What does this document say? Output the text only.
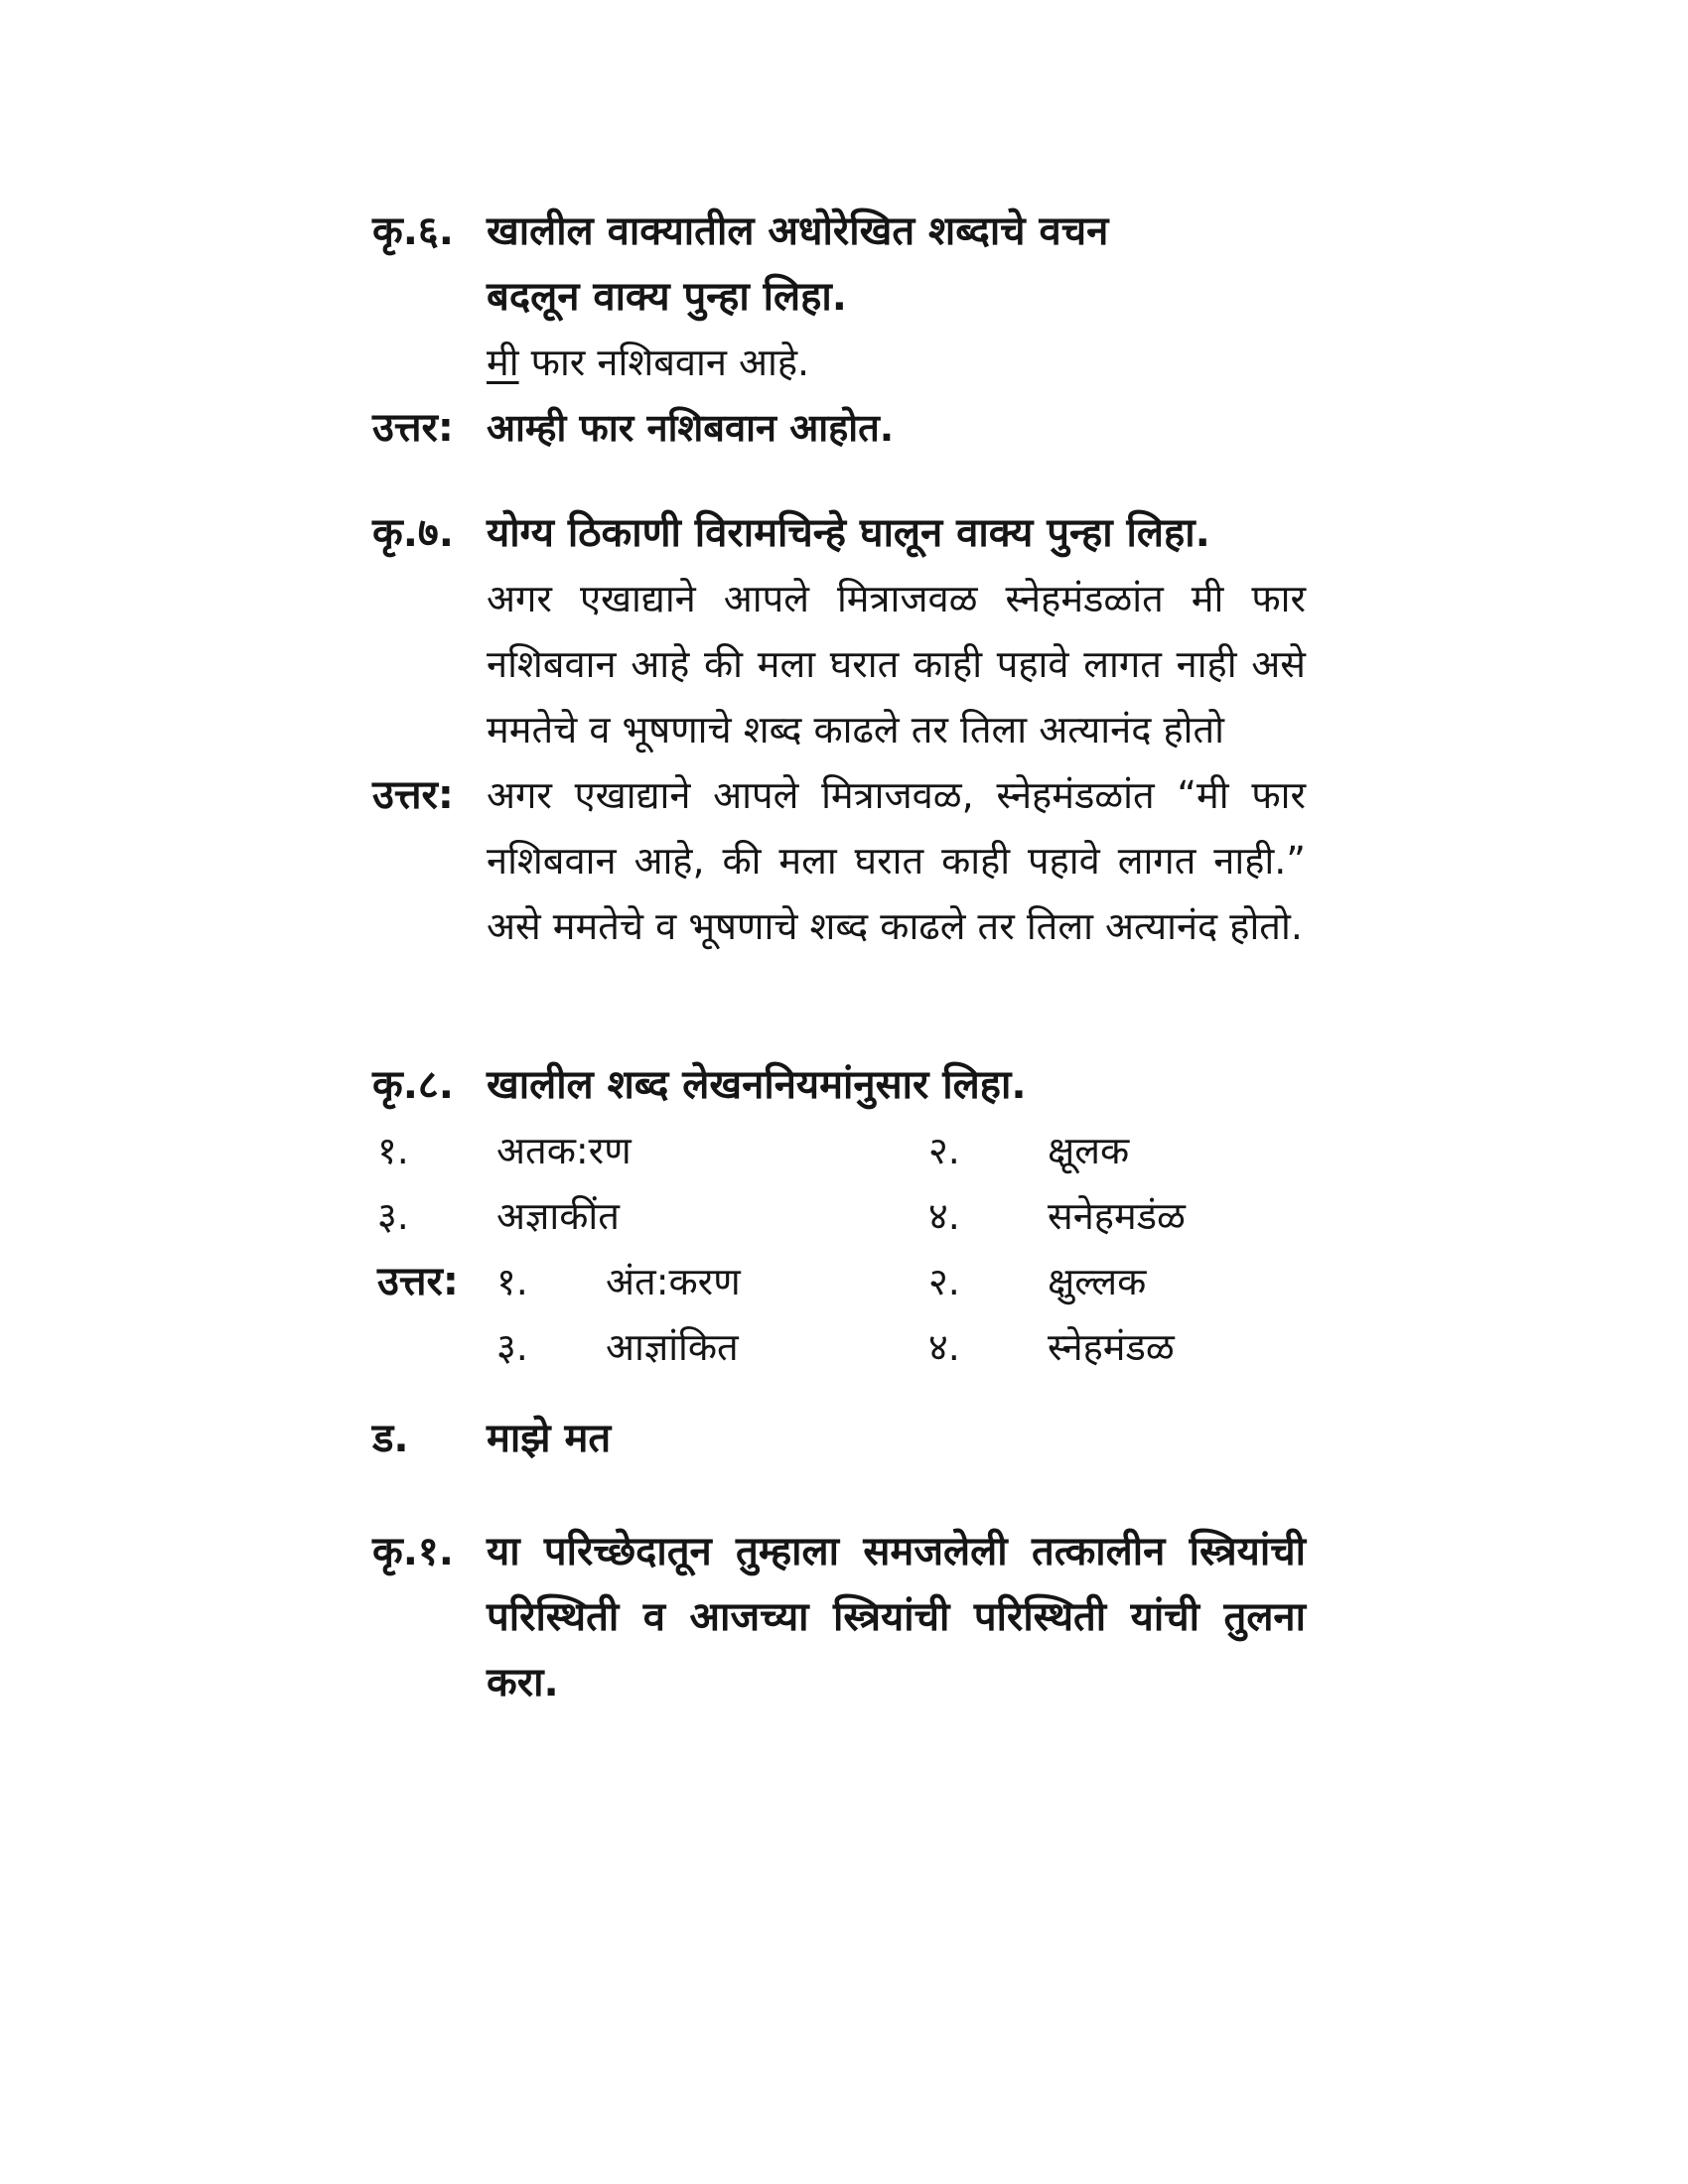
कृ.६. खालील वाक्यातील अधोरेखित शब्दाचे वचन
बदलून वाक्य पुन्हा लिहा.
मी फार नशिबवान आहे.
उत्तर: आम्ही फार नशिबवान आहोत.
कृ.७. योग्य ठिकाणी विरामचिन्हे घालून वाक्य पुन्हा लिहा.
अगर एखाद्याने आपले मित्राजवळ स्नेहमंडळांत मी फार नशिबवान आहे की मला घरात काही पहावे लागत नाही असे ममतेचे व भूषणाचे शब्द काढले तर तिला अत्यानंद होतो
उत्तर: अगर एखाद्याने आपले मित्राजवळ, स्नेहमंडळांत “मी फार नशिबवान आहे, की मला घरात काही पहावे लागत नाही.” असे ममतेचे व भूषणाचे शब्द काढले तर तिला अत्यानंद होतो.
कृ.८. खालील शब्द लेखननियमांनुसार लिहा.
१. अतक:रण	२. क्षूलक
३. अज्ञाकींत	४. सनेहमडंळ
उत्तर: १. अंत:करण	२. क्षुल्लक
३. आज्ञांकित	४. स्नेहमंडळ
ड.	माझे मत
कृ.१. या परिच्छेदातून तुम्हाला समजलेली तत्कालीन स्त्रियांची परिस्थिती व आजच्या स्त्रियांची परिस्थिती यांची तुलना करा.
